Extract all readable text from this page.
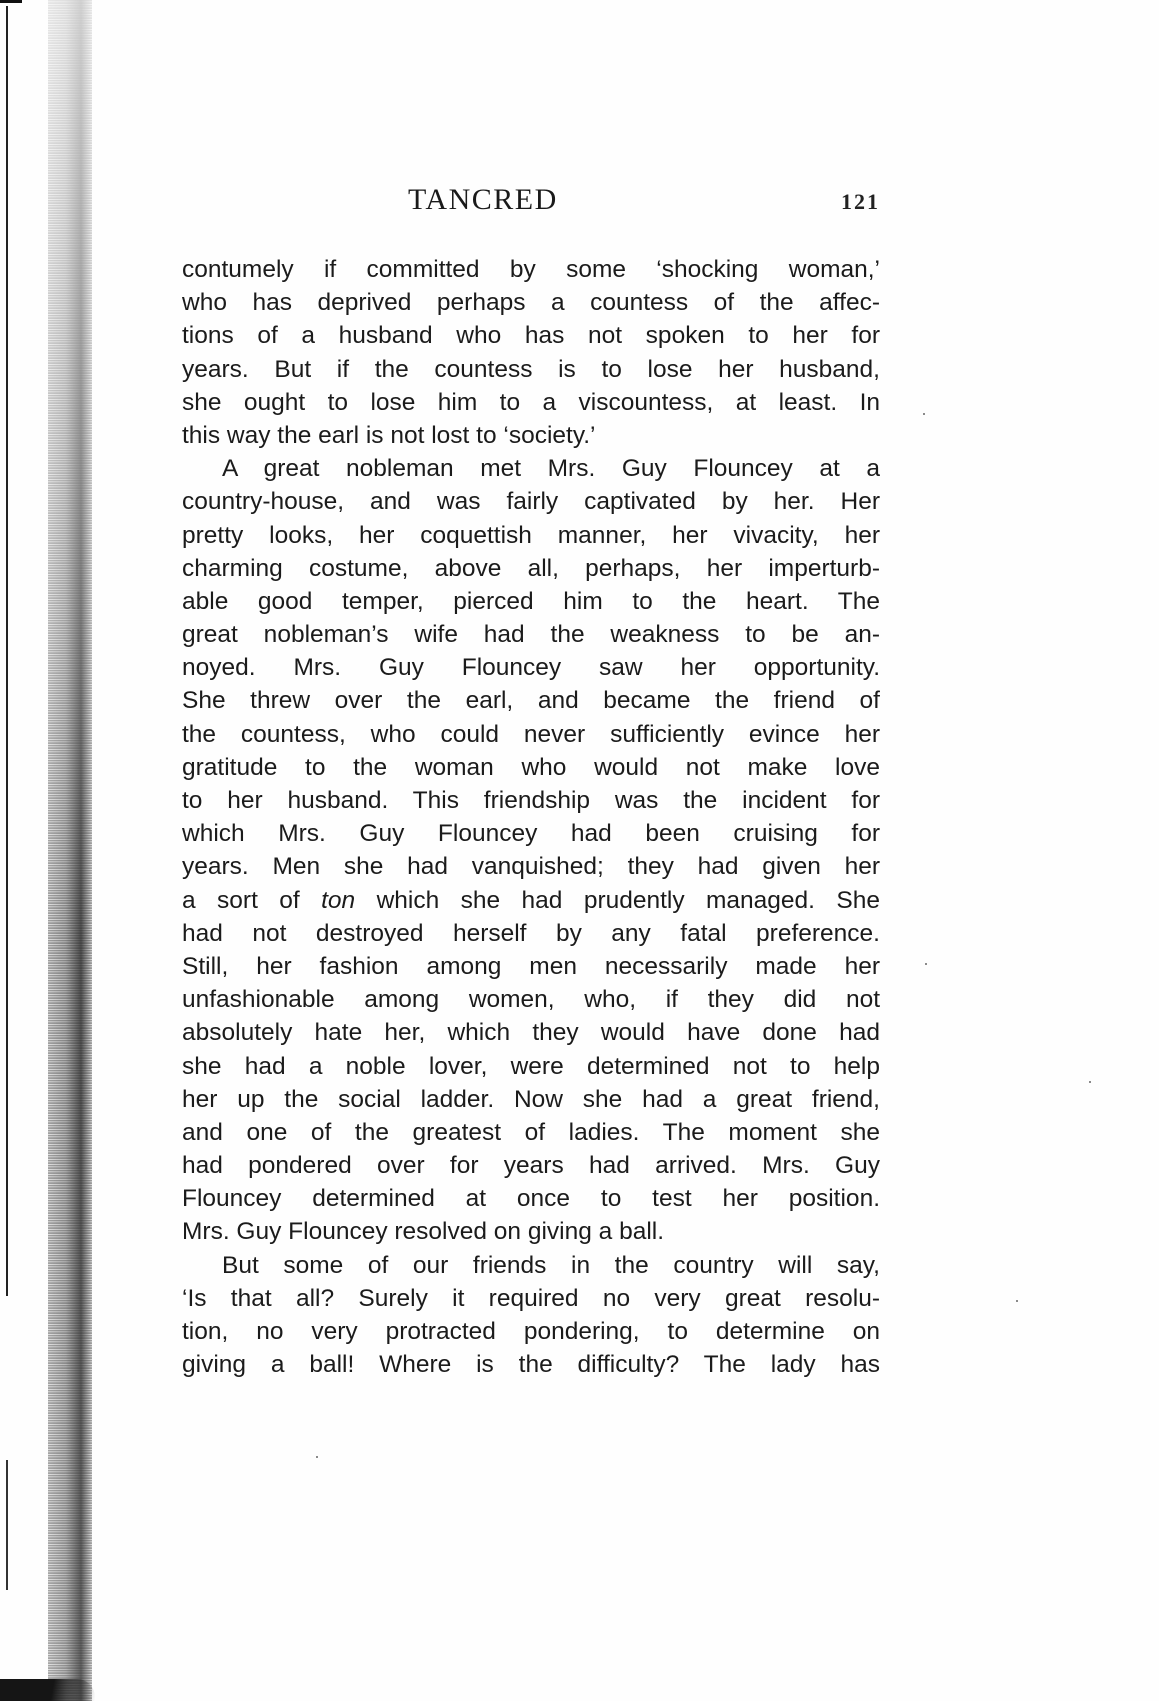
TANCRED	121
contumely if committed by some ‘shocking woman,’
who has deprived perhaps a countess of the affec-
tions of a husband who has not spoken to her for
years. But if the countess is to lose her husband,
she ought to lose him to a viscountess, at least. In
this way the earl is not lost to ‘society.’
A great nobleman met Mrs. Guy Flouncey at a
country-house, and was fairly captivated by her. Her
pretty looks, her coquettish manner, her vivacity, her
charming costume, above all, perhaps, her imperturb-
able good temper, pierced him to the heart. The
great nobleman’s wife had the weakness to be an-
noyed. Mrs. Guy Flouncey saw her opportunity.
She threw over the earl, and became the friend of
the countess, who could never sufficiently evince her
gratitude to the woman who would not make love
to her husband. This friendship was the incident for
which Mrs. Guy Flouncey had been cruising for
years. Men she had vanquished; they had given her
a sort of ton which she had prudently managed. She
had not destroyed herself by any fatal preference.
Still, her fashion among men necessarily made her
unfashionable among women, who, if they did not
absolutely hate her, which they would have done had
she had a noble lover, were determined not to help
her up the social ladder. Now she had a great friend,
and one of the greatest of ladies. The moment she
had pondered over for years had arrived. Mrs. Guy
Flouncey determined at once to test her position.
Mrs. Guy Flouncey resolved on giving a ball.
But some of our friends in the country will say,
‘Is that all? Surely it required no very great resolu-
tion, no very protracted pondering, to determine on
giving a ball! Where is the difficulty? The lady has
